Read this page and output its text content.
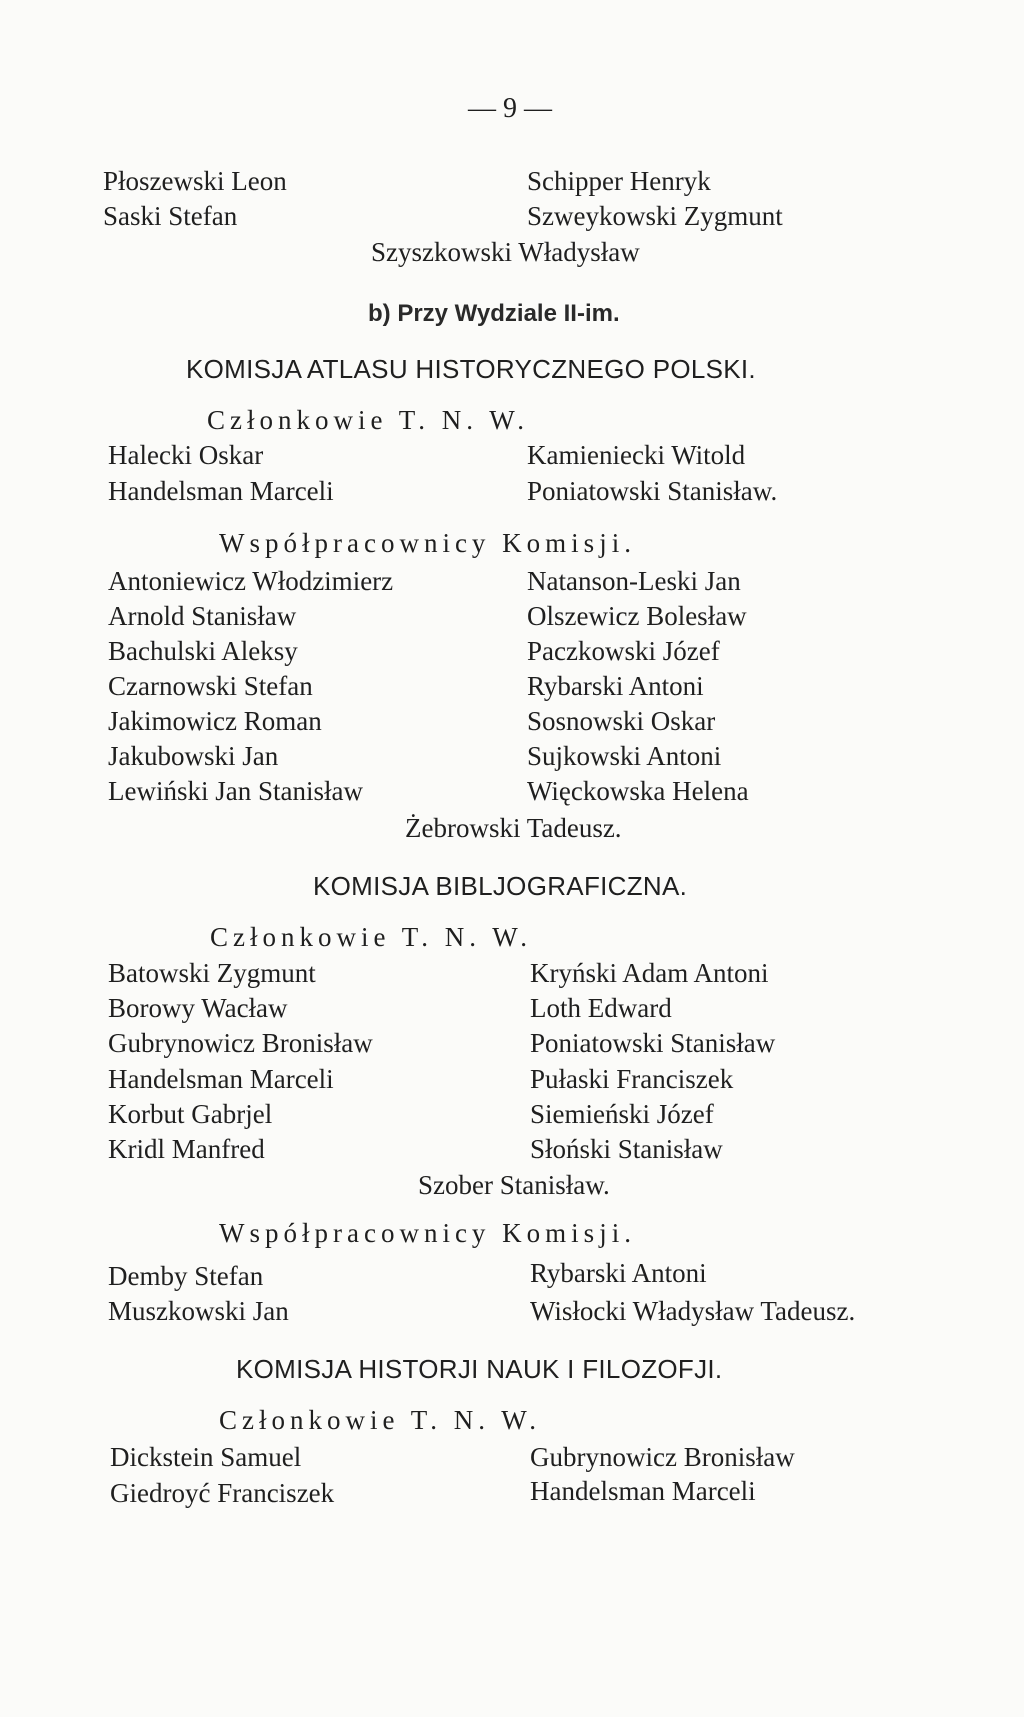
— 9 —
Płoszewski Leon
Saski Stefan
Schipper Henryk
Szweykowski Zygmunt
Szyszkowski Władysław
b) Przy Wydziale II-im.
KOMISJA ATLASU HISTORYCZNEGO POLSKI.
Członkowie T. N. W.
Halecki Oskar
Handelsman Marceli
Kamieniecki Witold
Poniatowski Stanisław.
Współpracownicy Komisji.
Antoniewicz Włodzimierz
Arnold Stanisław
Bachulski Aleksy
Czarnowski Stefan
Jakimowicz Roman
Jakubowski Jan
Lewiński Jan Stanisław
Natanson-Leski Jan
Olszewicz Bolesław
Paczkowski Józef
Rybarski Antoni
Sosnowski Oskar
Sujkowski Antoni
Więckowska Helena
Żebrowski Tadeusz.
KOMISJA BIBLJOGRAFICZNA.
Członkowie T. N. W.
Batowski Zygmunt
Borowy Wacław
Gubrynowicz Bronisław
Handelsman Marceli
Korbut Gabrjel
Kridl Manfred
Kryński Adam Antoni
Loth Edward
Poniatowski Stanisław
Pułaski Franciszek
Siemieński Józef
Słoński Stanisław
Szober Stanisław.
Współpracownicy Komisji.
Demby Stefan
Muszkowski Jan
Rybarski Antoni
Wisłocki Władysław Tadeusz.
KOMISJA HISTORJI NAUK I FILOZOFJI.
Członkowie T. N. W.
Dickstein Samuel
Giedroyć Franciszek
Gubrynowicz Bronisław
Handelsman Marceli
